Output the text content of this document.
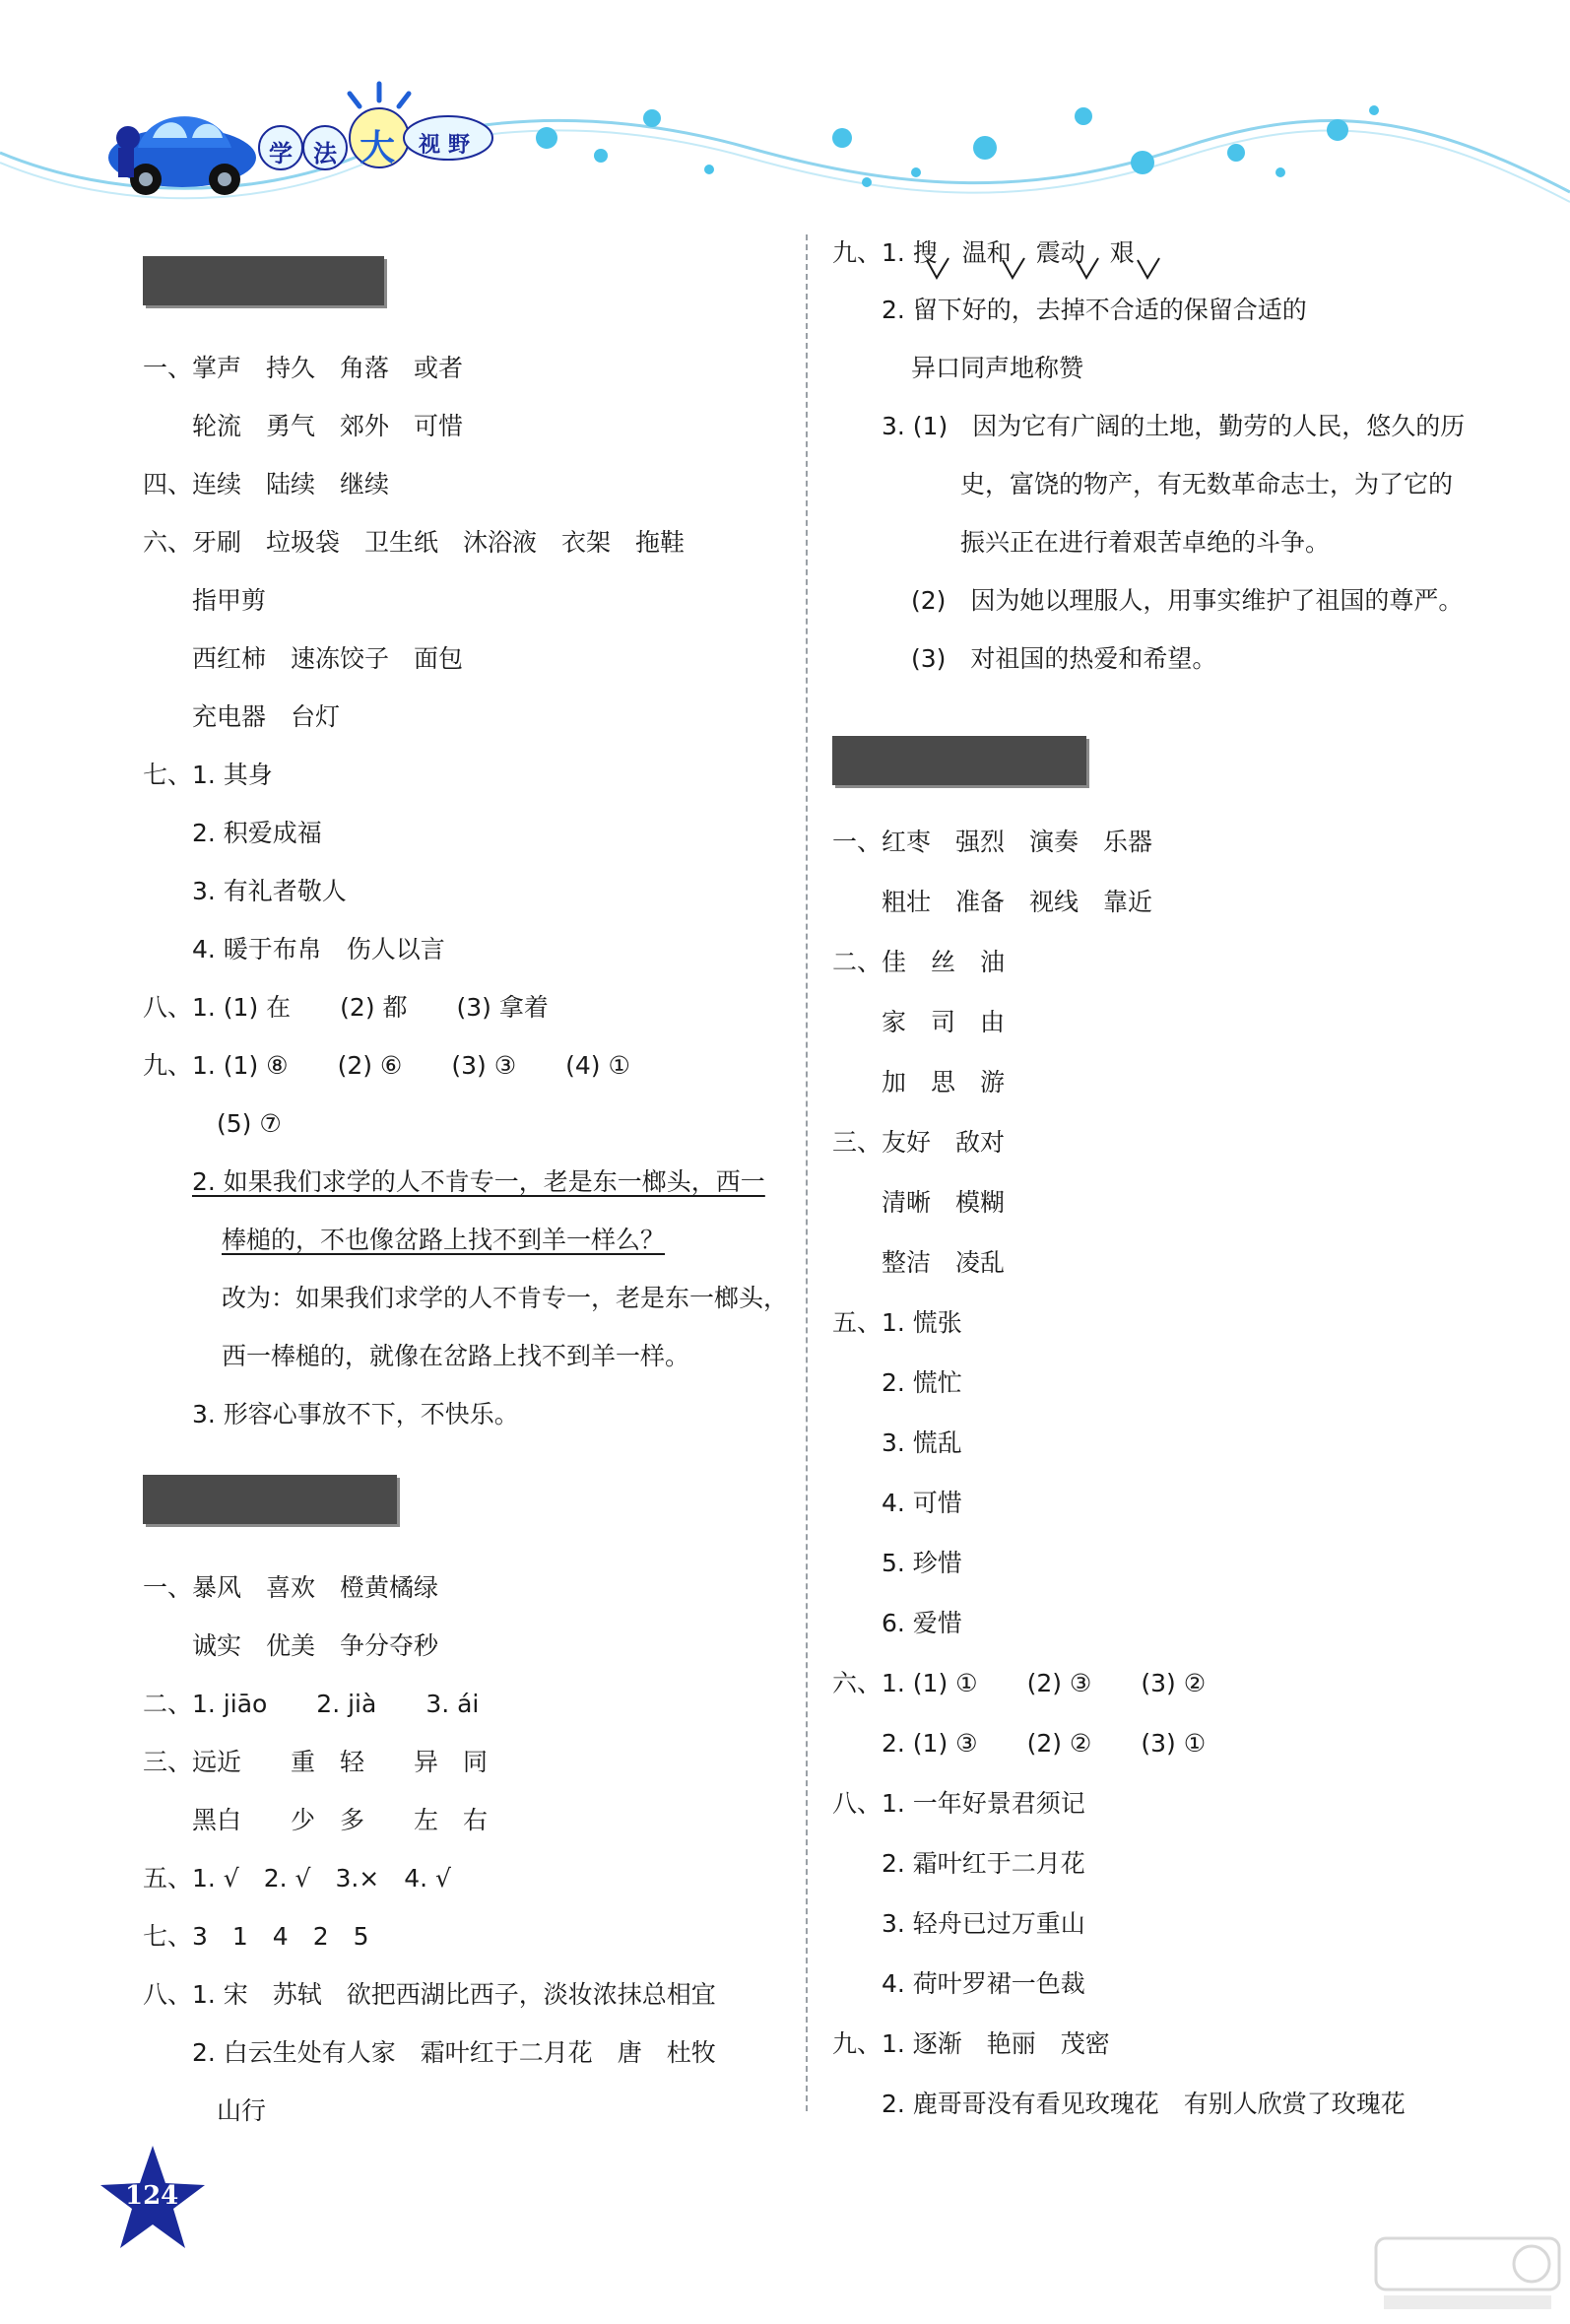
学 法 大 视 野
一、掌声　持久　角落　或者
轮流　勇气　郊外　可惜
四、连续　陆续　继续
六、牙刷　垃圾袋　卫生纸　沐浴液　衣架　拖鞋
指甲剪
西红柿　速冻饺子　面包
充电器　台灯
七、1. 其身
2. 积爱成福
3. 有礼者敬人
4. 暖于布帛　伤人以言
八、1. (1) 在　　(2) 都　　(3) 拿着
九、1. (1) ⑧　　(2) ⑥　　(3) ③　　(4) ①
(5) ⑦
2. 如果我们求学的人不肯专一，老是东一榔头，西一
棒槌的，不也像岔路上找不到羊一样么？
改为：如果我们求学的人不肯专一，老是东一榔头，
西一棒槌的，就像在岔路上找不到羊一样。
3. 形容心事放不下，不快乐。
一、暴风　喜欢　橙黄橘绿
诚实　优美　争分夺秒
二、1. jiāo　　2. jià　　3. ái
三、远近　　重　轻　　异　同
黑白　　少　多　　左　右
五、1. √　2. √　3.×　4. √
七、3　1　4　2　5
八、1. 宋　苏轼　欲把西湖比西子，淡妆浓抹总相宜
2. 白云生处有人家　霜叶红于二月花　唐　杜牧
山行
九、1. 搜　温和　震动　艰
2. 留下好的，去掉不合适的保留合适的
异口同声地称赞
3. (1)　因为它有广阔的土地，勤劳的人民，悠久的历
史，富饶的物产，有无数革命志士，为了它的
振兴正在进行着艰苦卓绝的斗争。
(2)　因为她以理服人，用事实维护了祖国的尊严。
(3)　对祖国的热爱和希望。
一、红枣　强烈　演奏　乐器
粗壮　准备　视线　靠近
二、佳　丝　油
家　司　由
加　思　游
三、友好　敌对
清晰　模糊
整洁　凌乱
五、1. 慌张
2. 慌忙
3. 慌乱
4. 可惜
5. 珍惜
6. 爱惜
六、1. (1) ①　　(2) ③　　(3) ②
2. (1) ③　　(2) ②　　(3) ①
八、1. 一年好景君须记
2. 霜叶红于二月花
3. 轻舟已过万重山
4. 荷叶罗裙一色裁
九、1. 逐渐　艳丽　茂密
2. 鹿哥哥没有看见玫瑰花　有别人欣赏了玫瑰花
124
